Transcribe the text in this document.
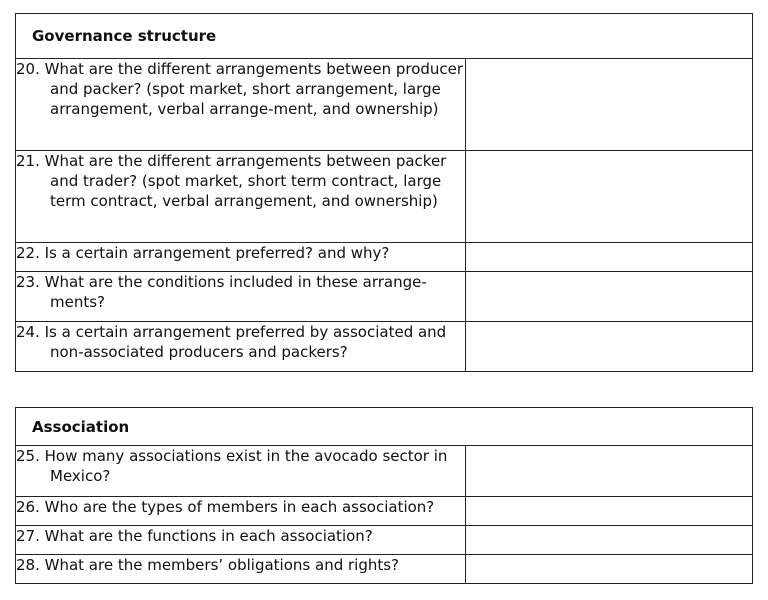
Governance structure	

20. What are the different arrangements between producer and packer? (spot market, short arrangement, large arrangement, verbal arrange-ment, and ownership)	

21. What are the different arrangements between packer and trader? (spot market, short term contract, large term contract, verbal arrangement, and ownership)	

22. Is a certain arrangement preferred? and why?	

23. What are the conditions included in these arrange-ments?	

24. Is a certain arrangement preferred by associated and non-associated producers and packers?	

Association	

25. How many associations exist in the avocado sector in Mexico?	

26. Who are the types of members in each association?	

27. What are the functions in each association?	

28. What are the members’ obligations and rights?	
